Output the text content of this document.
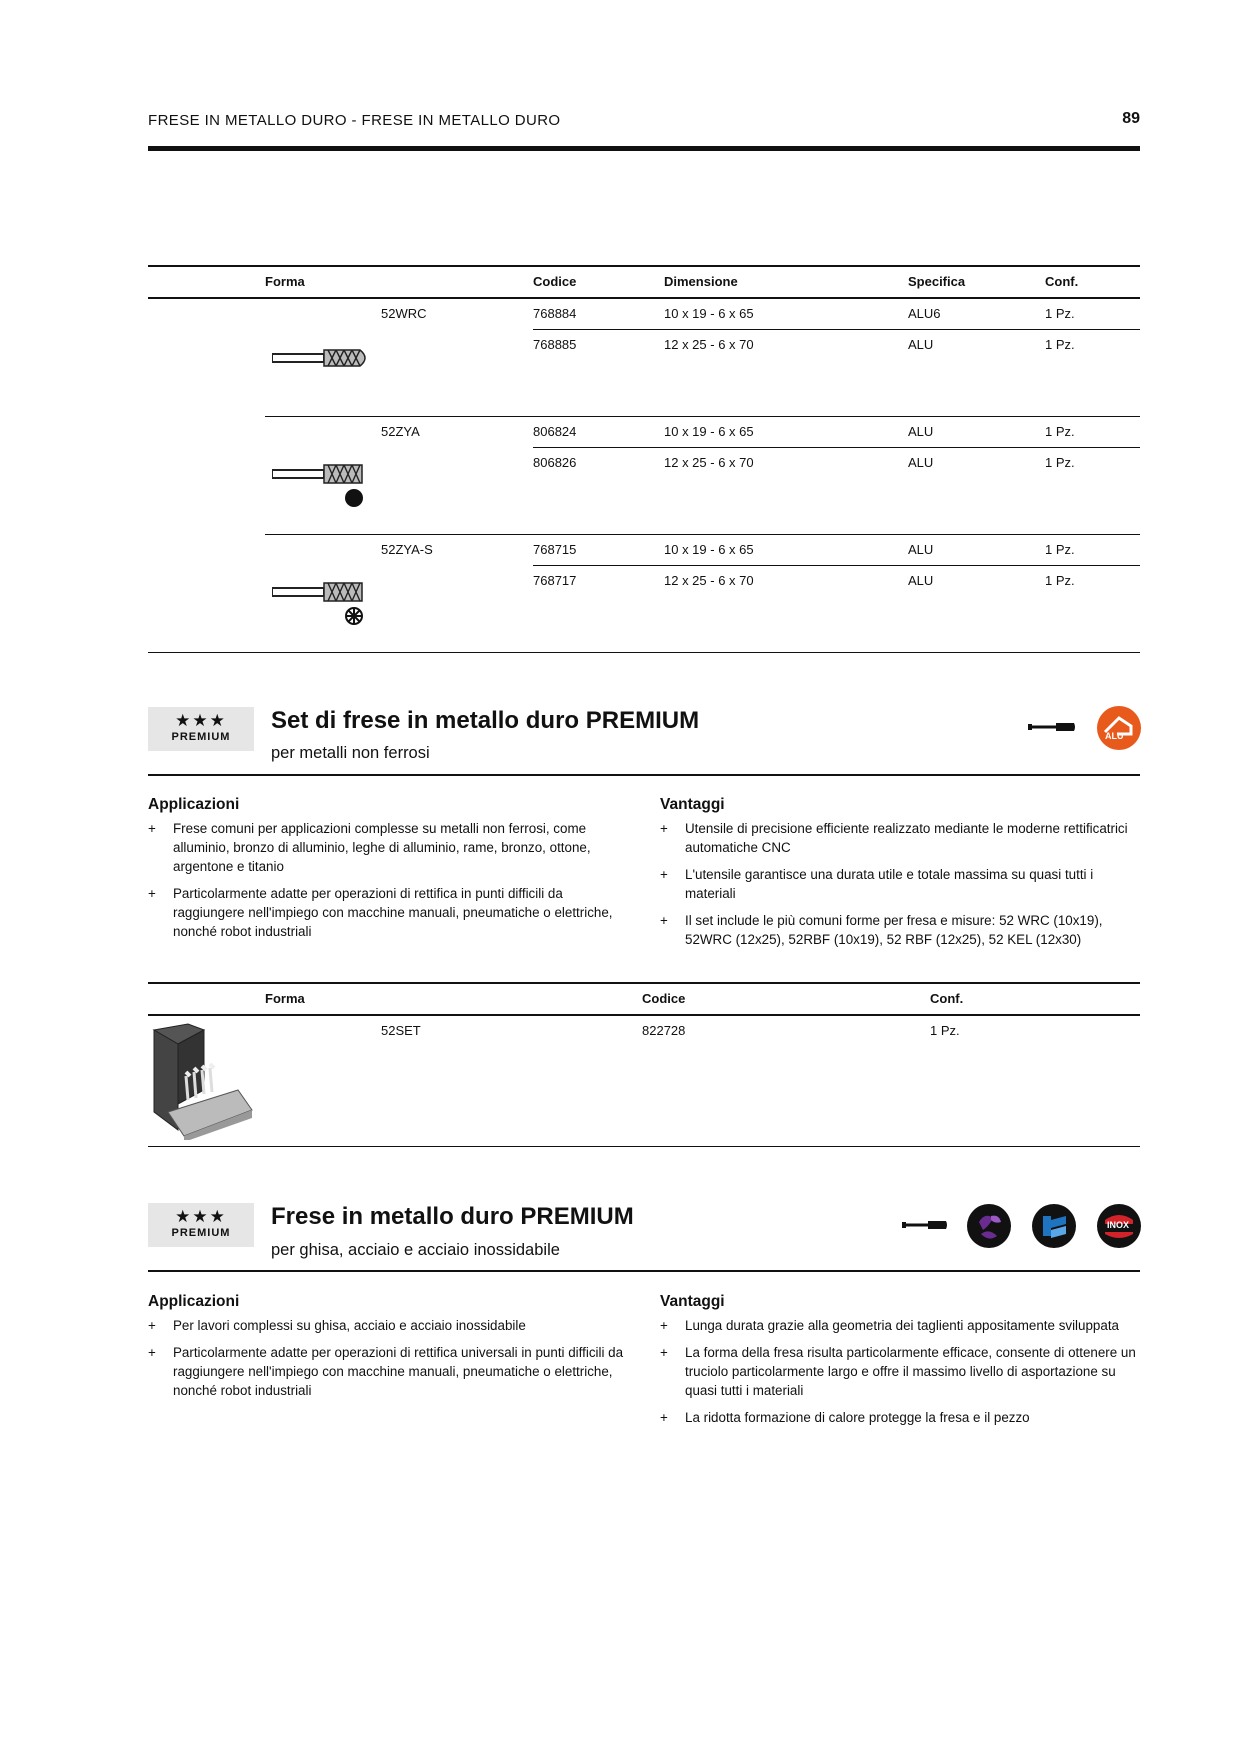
FRESE IN METALLO DURO - FRESE IN METALLO DURO	89
Forma	Codice	Dimensione	Specifica	Conf.
52WRC	768884	10 x 19 - 6 x 65	ALU6	1 Pz.
768885	12 x 25 - 6 x 70	ALU	1 Pz.
52ZYA	806824	10 x 19 - 6 x 65	ALU	1 Pz.
806826	12 x 25 - 6 x 70	ALU	1 Pz.
52ZYA-S	768715	10 x 19 - 6 x 65	ALU	1 Pz.
768717	12 x 25 - 6 x 70	ALU	1 Pz.
★★★
PREMIUM
Set di frese in metallo duro PREMIUM
per metalli non ferrosi
ALU
Applicazioni
+ Frese comuni per applicazioni complesse su metalli non ferrosi, come alluminio, bronzo di alluminio, leghe di alluminio, rame, bronzo, ottone, argentone e titanio
+ Particolarmente adatte per operazioni di rettifica in punti difficili da raggiungere nell'impiego con macchine manuali, pneumatiche o elettriche, nonché robot industriali
Vantaggi
+ Utensile di precisione efficiente realizzato mediante le moderne rettificatrici automatiche CNC
+ L'utensile garantisce una durata utile e totale massima su quasi tutti i materiali
+ Il set include le più comuni forme per fresa e misure: 52 WRC (10x19), 52WRC (12x25), 52RBF (10x19), 52 RBF (12x25), 52 KEL (12x30)
Forma	Codice	Conf.
52SET	822728	1 Pz.
★★★
PREMIUM
Frese in metallo duro PREMIUM
per ghisa, acciaio e acciaio inossidabile
INOX
Applicazioni
+ Per lavori complessi su ghisa, acciaio e acciaio inossidabile
+ Particolarmente adatte per operazioni di rettifica universali in punti difficili da raggiungere nell'impiego con macchine manuali, pneumatiche o elettriche, nonché robot industriali
Vantaggi
+ Lunga durata grazie alla geometria dei taglienti appositamente sviluppata
+ La forma della fresa risulta particolarmente efficace, consente di ottenere un truciolo particolarmente largo e offre il massimo livello di asportazione su quasi tutti i materiali
+ La ridotta formazione di calore protegge la fresa e il pezzo
